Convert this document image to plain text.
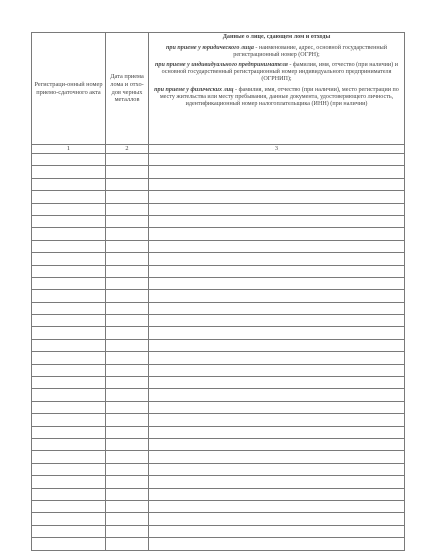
Регистраци-онный номер приемо-сдаточного акта	Дата приема лома и отхо-дов черных металлов	Данные о лице, сдающем лом и отходы
при приеме у юридического лица - наименование, адрес, основной государственный регистрационный номер (ОГРН);
при приеме у индивидуального предпринимателя - фамилия, имя, отчество (при наличии) и основной государственный регистрационный номер индивидуального предпринимателя (ОГРНИП);
при приеме у физических лиц - фамилия, имя, отчество (при наличии), место регистрации по месту жительства или месту пребывания, данные документа, удостоверяющего личность, идентификационный номер налогоплательщика (ИНН) (при наличии)

1	2	3
